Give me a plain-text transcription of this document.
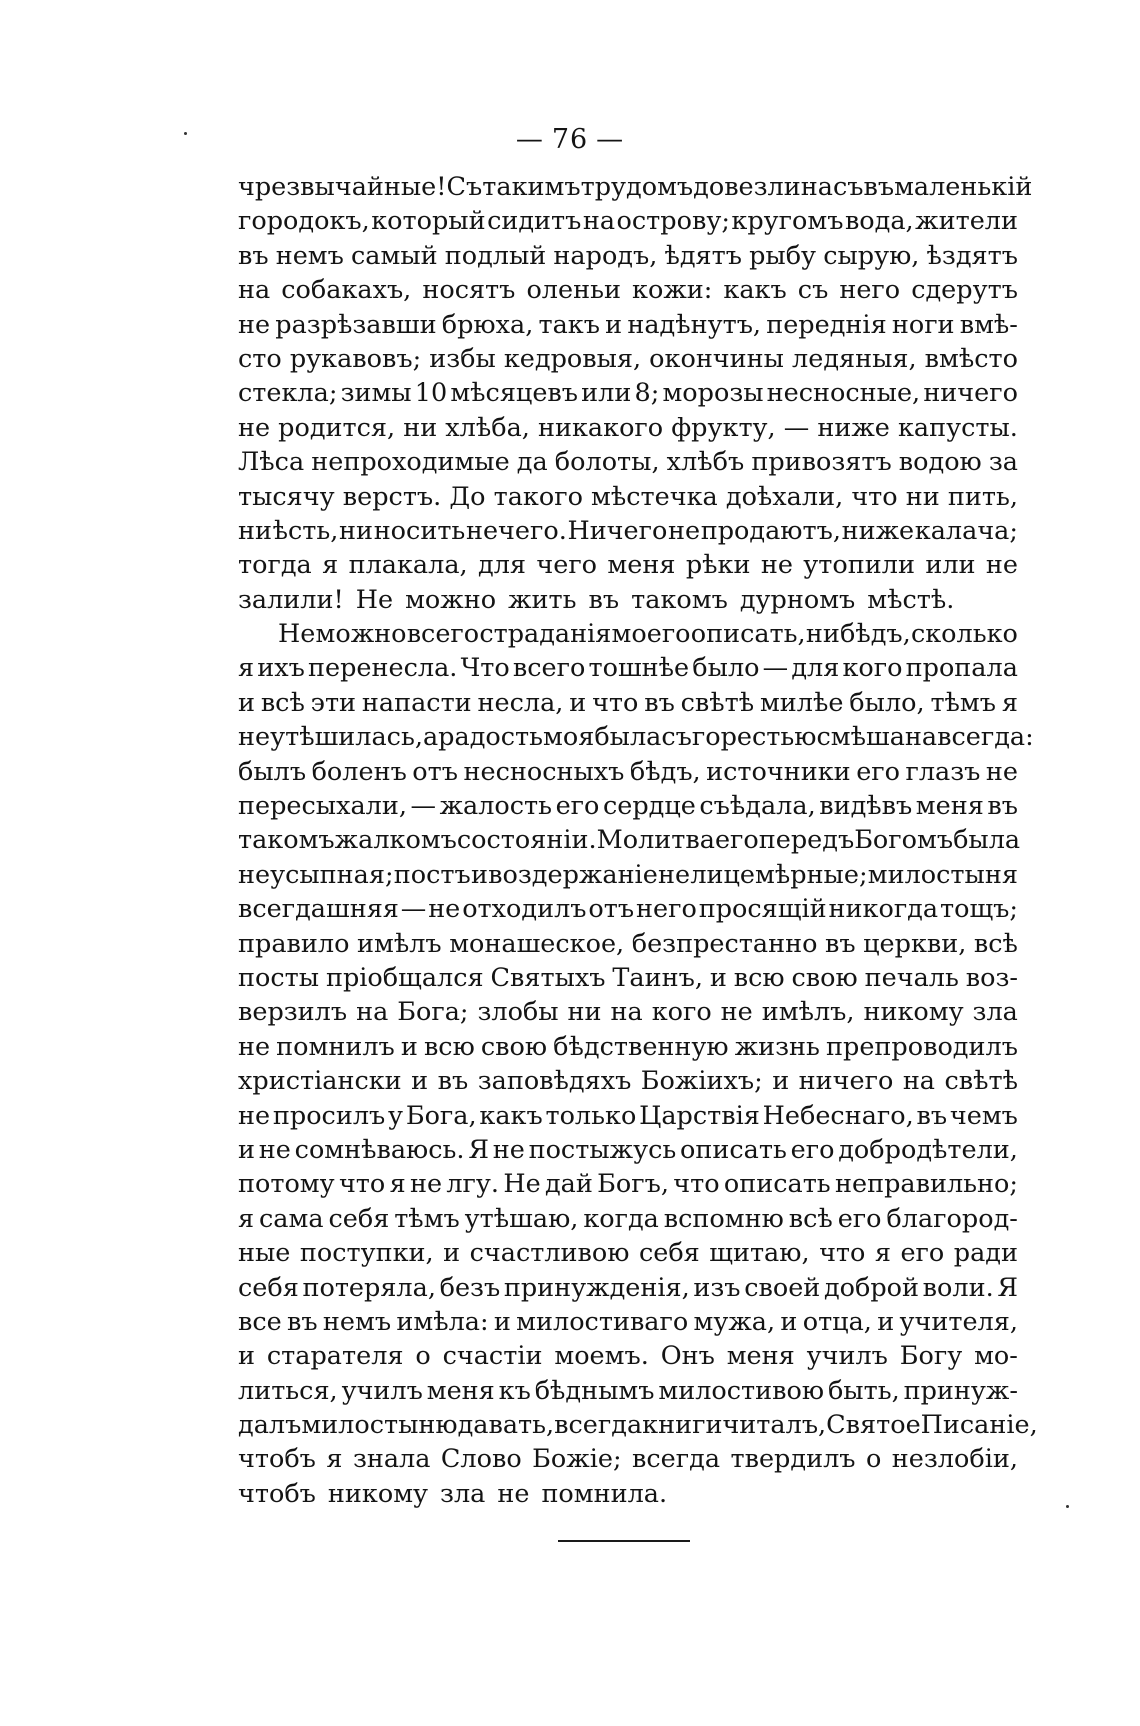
— 76 —
чрезвычайные! Съ такимъ трудомъ довезли насъ въ маленькій
городокъ, который сидитъ на острову; кругомъ вода, жители
въ немъ самый подлый народъ, ѣдятъ рыбу сырую, ѣздятъ
на собакахъ, носятъ оленьи кожи: какъ съ него сдерутъ
не разрѣзавши брюха, такъ и надѣнутъ, переднія ноги вмѣ-
сто рукавовъ; избы кедровыя, окончины ледяныя, вмѣсто
стекла; зимы 10 мѣсяцевъ или 8; морозы несносные, ничего
не родится, ни хлѣба, никакого фрукту, — ниже капусты.
Лѣса непроходимые да болоты, хлѣбъ привозятъ водою за
тысячу верстъ. До такого мѣстечка доѣхали, что ни пить,
ни ѣсть, ни носить нечего. Ничего не продаютъ, ниже калача;
тогда я плакала, для чего меня рѣки не утопили или не
залили! Не можно жить въ такомъ дурномъ мѣстѣ.
Не можно всего страданія моего описать, ни бѣдъ, сколько
я ихъ перенесла. Что всего тошнѣе было — для кого пропала
и всѣ эти напасти несла, и что въ свѣтѣ милѣе было, тѣмъ я
не утѣшилась, а радость моя была съ горестью смѣшана всегда:
былъ боленъ отъ несносныхъ бѣдъ, источники его глазъ не
пересыхали, — жалость его сердце съѣдала, видѣвъ меня въ
такомъ жалкомъ состояніи. Молитва его передъ Богомъ была
неусыпная; постъ и воздержаніе не лицемѣрные; милостыня
всегдашняя — не отходилъ отъ него просящій никогда тощъ;
правило имѣлъ монашеское, безпрестанно въ церкви, всѣ
посты пріобщался Святыхъ Таинъ, и всю свою печаль воз-
верзилъ на Бога; злобы ни на кого не имѣлъ, никому зла
не помнилъ и всю свою бѣдственную жизнь препроводилъ
христіански и въ заповѣдяхъ Божіихъ; и ничего на свѣтѣ
не просилъ у Бога, какъ только Царствія Небеснаго, въ чемъ
и не сомнѣваюсь. Я не постыжусь описать его добродѣтели,
потому что я не лгу. Не дай Богъ, что описать неправильно;
я сама себя тѣмъ утѣшаю, когда вспомню всѣ его благород-
ные поступки, и счастливою себя щитаю, что я его ради
себя потеряла, безъ принужденія, изъ своей доброй воли. Я
все въ немъ имѣла: и милостиваго мужа, и отца, и учителя,
и старателя о счастіи моемъ. Онъ меня училъ Богу мо-
литься, училъ меня къ бѣднымъ милостивою быть, принуж-
далъ милостыню давать, всегда книги читалъ, Святое Писаніе,
чтобъ я знала Слово Божіе; всегда твердилъ о незлобіи,
чтобъ никому зла не помнила.
